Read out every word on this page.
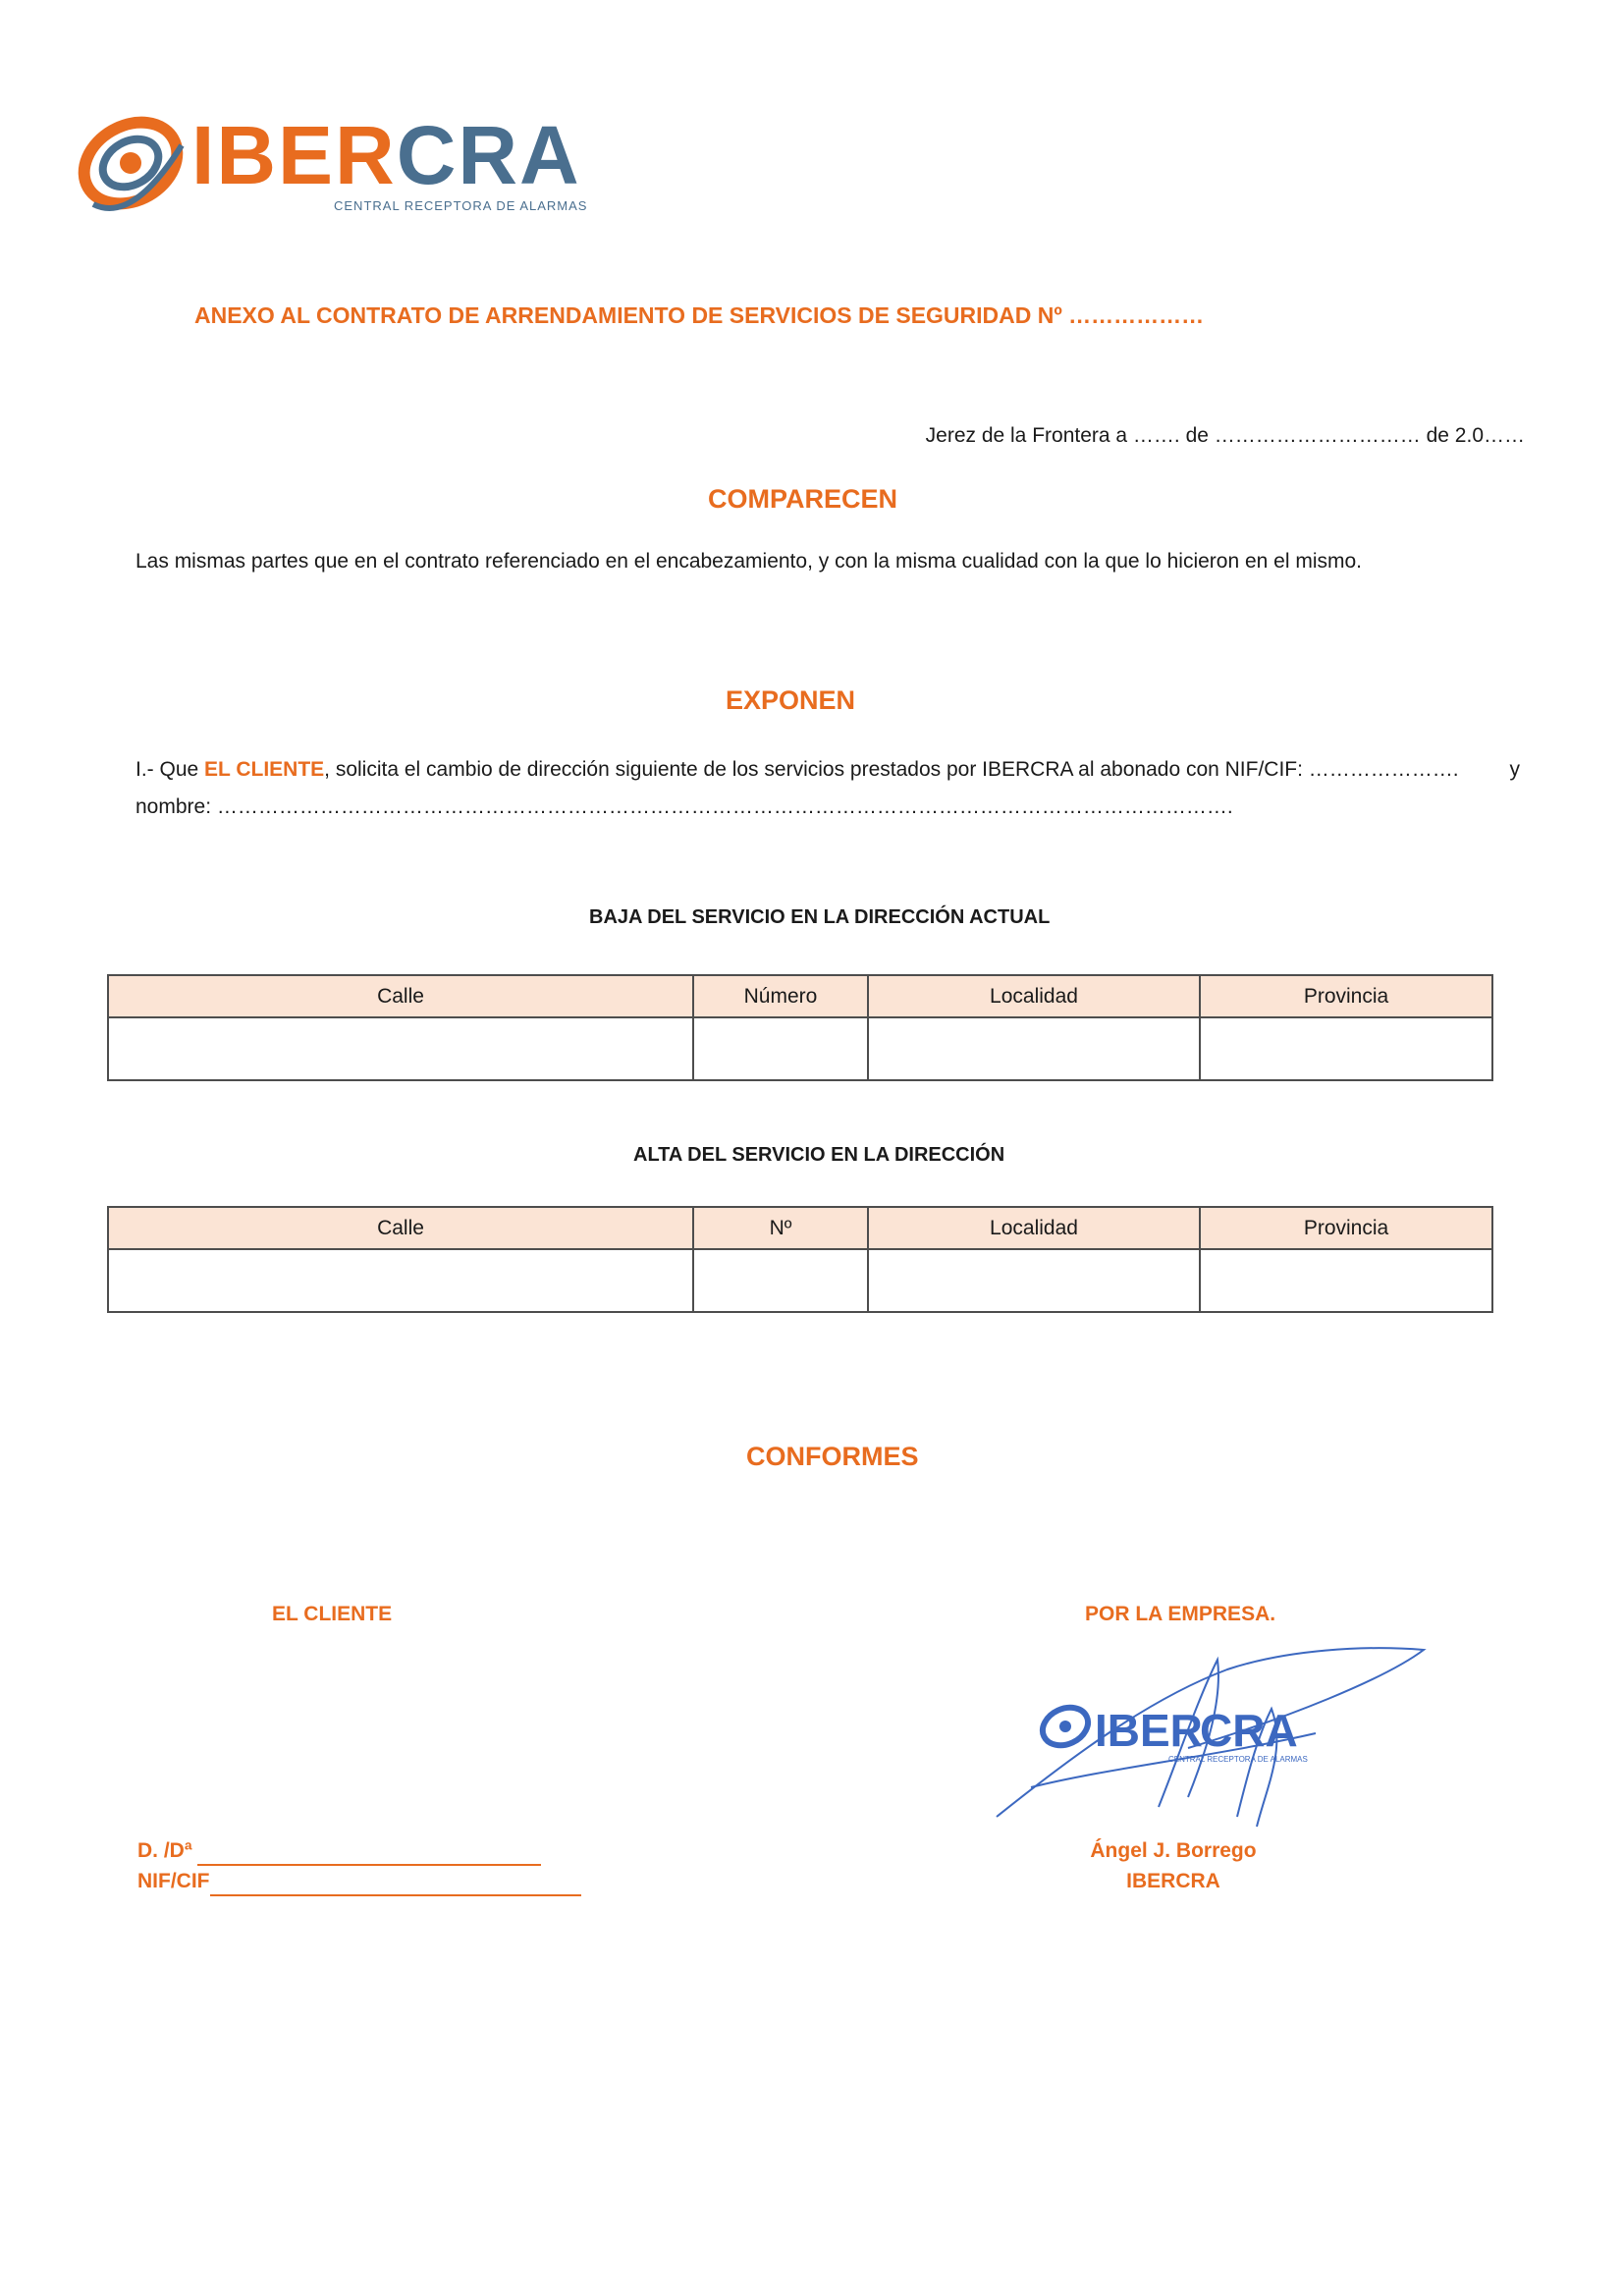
IBERCRA
CENTRAL RECEPTORA DE ALARMAS
ANEXO AL CONTRATO DE ARRENDAMIENTO DE SERVICIOS DE SEGURIDAD Nº ………………
Jerez de la Frontera a ……. de ………………………… de 2.0……
COMPARECEN
Las mismas partes que en el contrato referenciado en el encabezamiento, y con la misma cualidad con la que lo hicieron en el mismo.
EXPONEN
I.- Que EL CLIENTE, solicita el cambio de dirección siguiente de los servicios prestados por IBERCRA al abonado con NIF/CIF: …………………. y
nombre: ………………………………………………………………………………………………………………………………….
BAJA DEL SERVICIO EN LA DIRECCIÓN ACTUAL
Calle	Número	Localidad	Provincia

ALTA DEL SERVICIO EN LA DIRECCIÓN
Calle	Nº	Localidad	Provincia

CONFORMES
EL CLIENTE	POR LA EMPRESA.
IBER
CRA
CENTRAL RECEPTORA DE ALARMAS
D. /Dª
NIF/CIF
Ángel J. Borrego
IBERCRA
